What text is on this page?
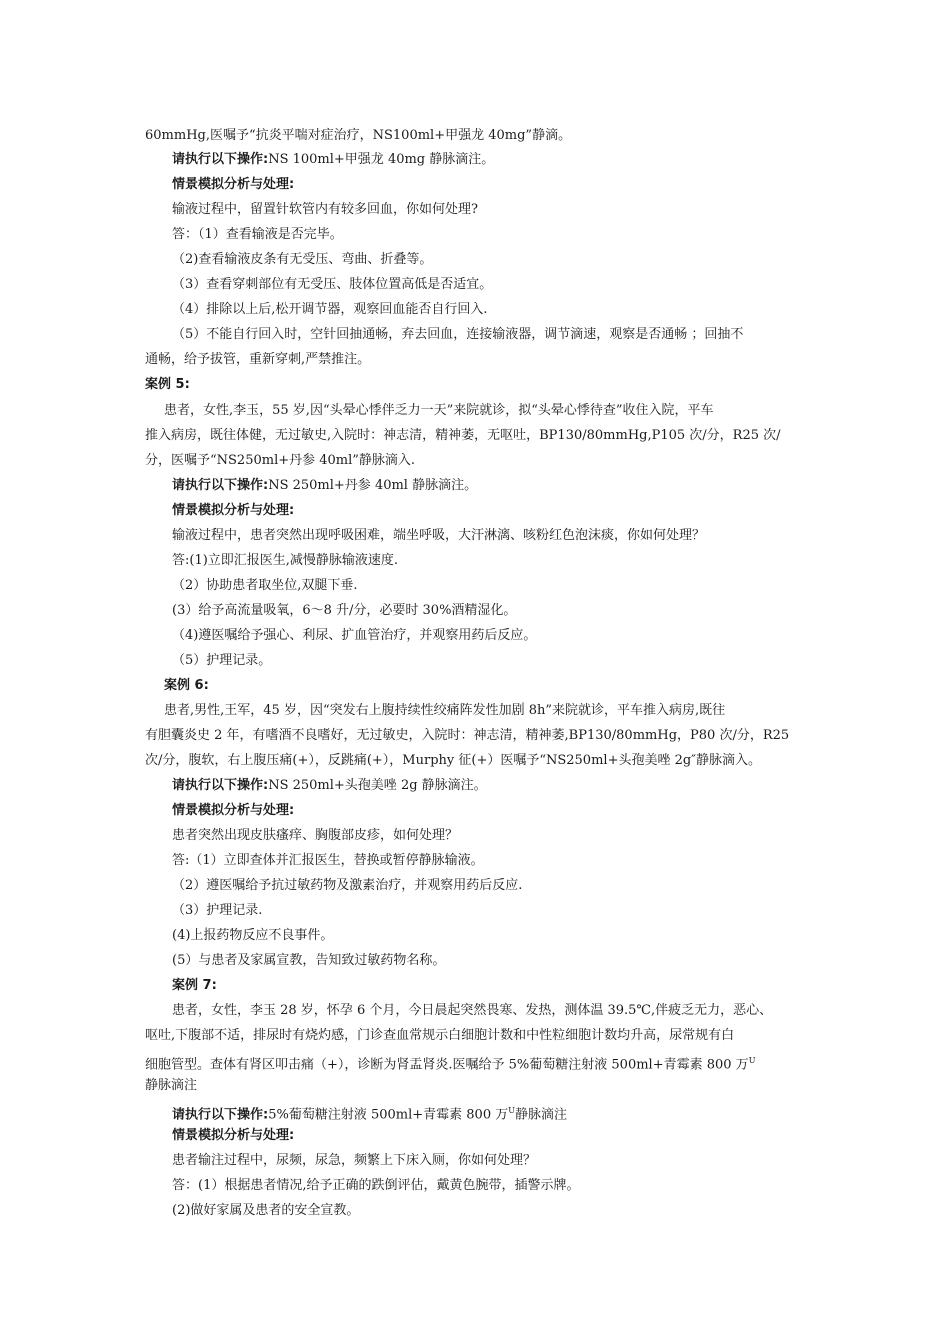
60mmHg,医嘱予“抗炎平喘对症治疗，NS100ml+甲强龙 40mg”静滴。
请执行以下操作:NS 100ml+甲强龙 40mg 静脉滴注。
情景模拟分析与处理:
输液过程中，留置针软管内有较多回血，你如何处理?
答：（1）查看输液是否完毕。
（2)查看输液皮条有无受压、弯曲、折叠等。
（3）查看穿刺部位有无受压、肢体位置高低是否适宜。
（4）排除以上后,松开调节器，观察回血能否自行回入.
（5）不能自行回入时，空针回抽通畅，弃去回血，连接输液器，调节滴速，观察是否通畅 ；回抽不
通畅，给予拔管，重新穿刺,严禁推注。
案例 5:
患者，女性,李玉，55 岁,因“头晕心悸伴乏力一天”来院就诊，拟“头晕心悸待查”收住入院，平车
推入病房，既往体健，无过敏史,入院时：神志清，精神萎，无呕吐，BP130/80mmHg,P105 次/分，R25 次/
分，医嘱予“NS250ml+丹参 40ml”静脉滴入.
请执行以下操作:NS 250ml+丹参 40ml 静脉滴注。
情景模拟分析与处理:
输液过程中，患者突然出现呼吸困难，端坐呼吸，大汗淋漓、咳粉红色泡沫痰，你如何处理？
答:(1)立即汇报医生,减慢静脉输液速度.
（2）协助患者取坐位,双腿下垂.
(3）给予高流量吸氧，6～8 升/分，必要时 30%酒精湿化。
（4)遵医嘱给予强心、利尿、扩血管治疗，并观察用药后反应。
（5）护理记录。
案例 6:
患者,男性,王军，45 岁，因“突发右上腹持续性绞痛阵发性加剧 8h”来院就诊，平车推入病房,既往
有胆囊炎史 2 年，有嗜酒不良嗜好，无过敏史，入院时：神志清，精神萎,BP130/80mmHg，P80 次/分，R25
次/分，腹软，右上腹压痛(+），反跳痛(+），Murphy 征(+）医嘱予“NS250ml+头孢美唑 2g″静脉滴入。
请执行以下操作:NS 250ml+头孢美唑 2g 静脉滴注。
情景模拟分析与处理:
患者突然出现皮肤瘙痒、胸腹部皮疹，如何处理？
答:（1）立即查体并汇报医生，替换或暂停静脉输液。
（2）遵医嘱给予抗过敏药物及激素治疗，并观察用药后反应.
（3）护理记录.
(4)上报药物反应不良事件。
(5）与患者及家属宣教，告知致过敏药物名称。
案例 7:
患者，女性，李玉 28 岁，怀孕 6 个月，今日晨起突然畏寒、发热，测体温 39.5℃,伴疲乏无力，恶心、
呕吐,下腹部不适，排尿时有烧灼感，门诊查血常规示白细胞计数和中性粒细胞计数均升高，尿常规有白
细胞管型。查体有肾区叩击痛（+），诊断为肾盂肾炎.医嘱给予 5%葡萄糖注射液 500ml+青霉素 800 万$^U$
静脉滴注
请执行以下操作:5%葡萄糖注射液 500ml+青霉素 800 万$^U$静脉滴注
情景模拟分析与处理:
患者输注过程中，尿频，尿急，频繁上下床入厕，你如何处理？
答：(1）根据患者情况,给予正确的跌倒评估，戴黄色腕带，插警示牌。
(2)做好家属及患者的安全宣教。
